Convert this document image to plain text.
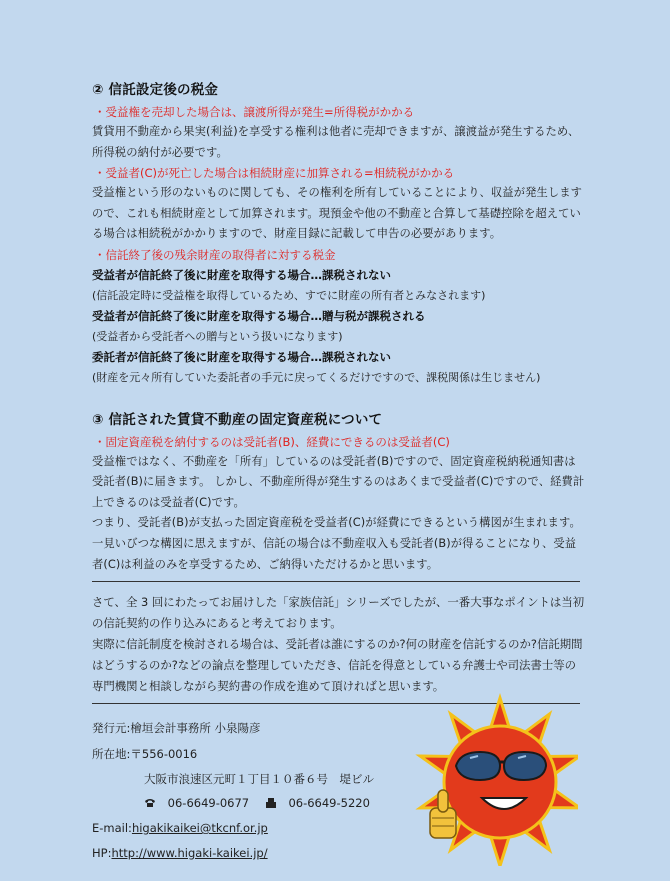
② 信託設定後の税金
・受益権を売却した場合は、譲渡所得が発生=所得税がかかる

賃貸用不動産から果実(利益)を享受する権利は他者に売却できますが、譲渡益が発生するため、所得税の納付が必要です。

・受益者(C)が死亡した場合は相続財産に加算される=相続税がかかる

受益権という形のないものに関しても、その権利を所有していることにより、収益が発生しますので、これも相続財産として加算されます。現預金や他の不動産と合算して基礎控除を超えている場合は相続税がかかりますので、財産目録に記載して申告の必要があります。

・信託終了後の残余財産の取得者に対する税金
受益者が信託終了後に財産を取得する場合…課税されない
(信託設定時に受益権を取得しているため、すでに財産の所有者とみなされます)
受益者が信託終了後に財産を取得する場合…贈与税が課税される
(受益者から受託者への贈与という扱いになります)
委託者が信託終了後に財産を取得する場合…課税されない
(財産を元々所有していた委託者の手元に戻ってくるだけですので、課税関係は生じません)
③ 信託された賃貸不動産の固定資産税について
・固定資産税を納付するのは受託者(B)、経費にできるのは受益者(C)

受益権ではなく、不動産を「所有」しているのは受託者(B)ですので、固定資産税納税通知書は受託者(B)に届きます。 しかし、不動産所得が発生するのはあくまで受益者(C)ですので、経費計上できるのは受益者(C)です。

つまり、受託者(B)が支払った固定資産税を受益者(C)が経費にできるという構図が生まれます。一見いびつな構図に思えますが、信託の場合は不動産収入も受託者(B)が得ることになり、受益者(C)は利益のみを享受するため、ご納得いただけるかと思います。

さて、全 3 回にわたってお届けした「家族信託」シリーズでしたが、一番大事なポイントは当初の信託契約の作り込みにあると考えております。

実際に信託制度を検討される場合は、受託者は誰にするのか?何の財産を信託するのか?信託期間はどうするのか?などの論点を整理していただき、信託を得意としている弁護士や司法書士等の専門機関と相談しながら契約書の作成を進めて頂ければと思います。

発行元:檜垣会計事務所 小泉陽彦
所在地:〒556-0016
大阪市浪速区元町１丁目１０番６号　堤ビル
06-6649-0677	06-6649-5220
E-mail:higakikaikei@tkcnf.or.jp
HP:http://www.higaki-kaikei.jp/
